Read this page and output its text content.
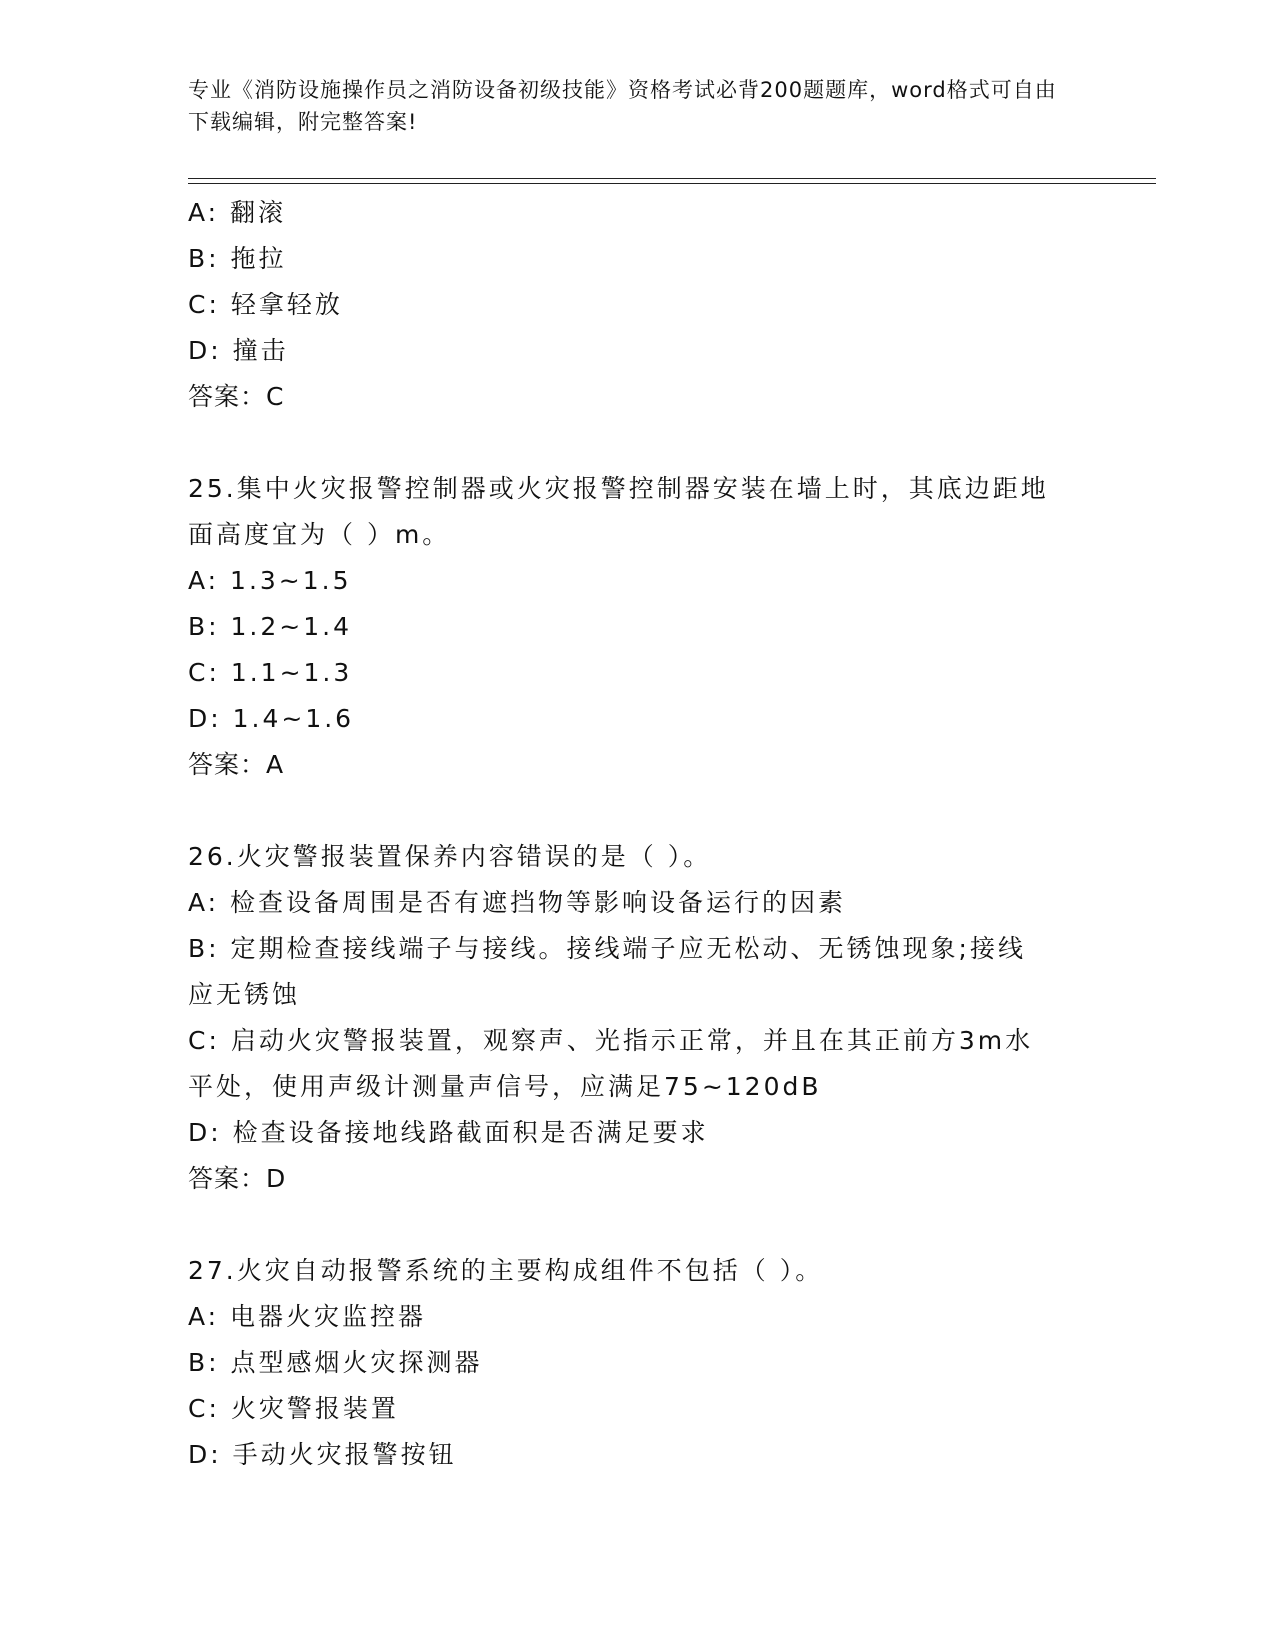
专业《消防设施操作员之消防设备初级技能》资格考试必背200题题库，word格式可自由下载编辑，附完整答案!
A: 翻滚
B: 拖拉
C: 轻拿轻放
D: 撞击
答案：C
25.集中火灾报警控制器或火灾报警控制器安装在墙上时，其底边距地
面高度宜为（ ）m。
A: 1.3~1.5
B: 1.2~1.4
C: 1.1~1.3
D: 1.4~1.6
答案：A
26.火灾警报装置保养内容错误的是（ ）。
A: 检查设备周围是否有遮挡物等影响设备运行的因素
B: 定期检查接线端子与接线。接线端子应无松动、无锈蚀现象;接线
应无锈蚀
C: 启动火灾警报装置，观察声、光指示正常，并且在其正前方3m水
平处，使用声级计测量声信号，应满足75~120dB
D: 检查设备接地线路截面积是否满足要求
答案：D
27.火灾自动报警系统的主要构成组件不包括（ ）。
A: 电器火灾监控器
B: 点型感烟火灾探测器
C: 火灾警报装置
D: 手动火灾报警按钮
